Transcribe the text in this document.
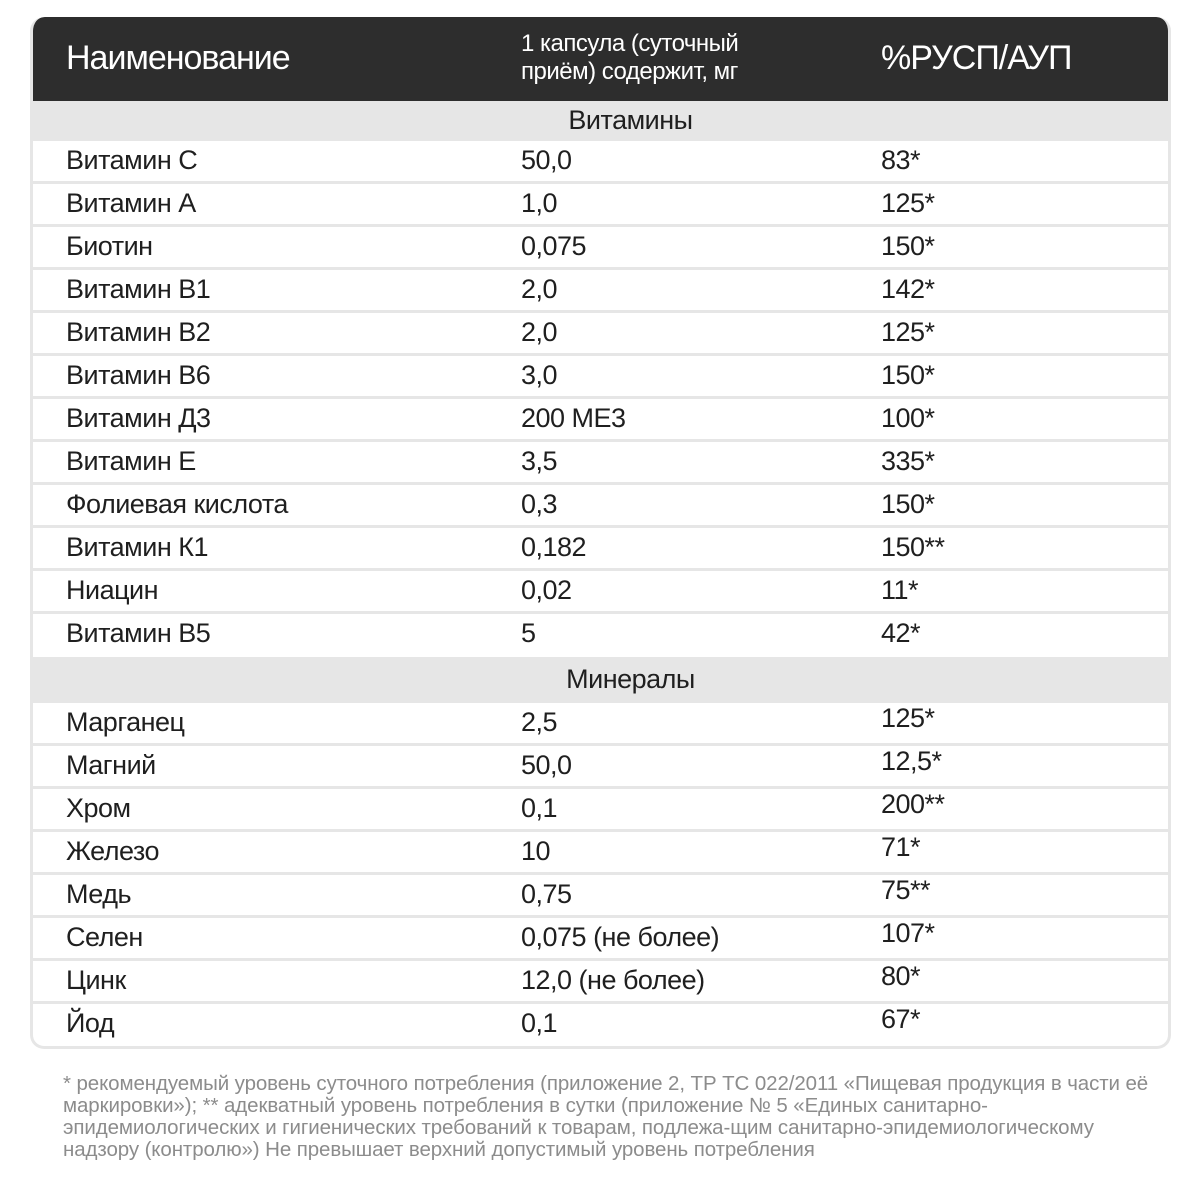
Наименование	1 капсула (суточный приём) содержит, мг	%РУСП/АУП
Витамины
Витамин С	50,0	83*
Витамин А	1,0	125*
Биотин	0,075	150*
Витамин В1	2,0	142*
Витамин В2	2,0	125*
Витамин В6	3,0	150*
Витамин Д3	200 МЕ3	100*
Витамин Е	3,5	335*
Фолиевая кислота	0,3	150*
Витамин К1	0,182	150**
Ниацин	0,02	11*
Витамин В5	5	42*
Минералы
Марганец	2,5	125*
Магний	50,0	12,5*
Хром	0,1	200**
Железо	10	71*
Медь	0,75	75**
Селен	0,075 (не более)	107*
Цинк	12,0 (не более)	80*
Йод	0,1	67*
* рекомендуемый уровень суточного потребления (приложение 2, ТР ТС 022/2011 «Пищевая продукция в части её маркировки»); ** адекватный уровень потребления в сутки (приложение № 5 «Единых санитарно-эпидемиологических и гигиенических требований к товарам, подлежа-щим санитарно-эпидемиологическому надзору (контролю») Не превышает верхний допустимый уровень потребления
